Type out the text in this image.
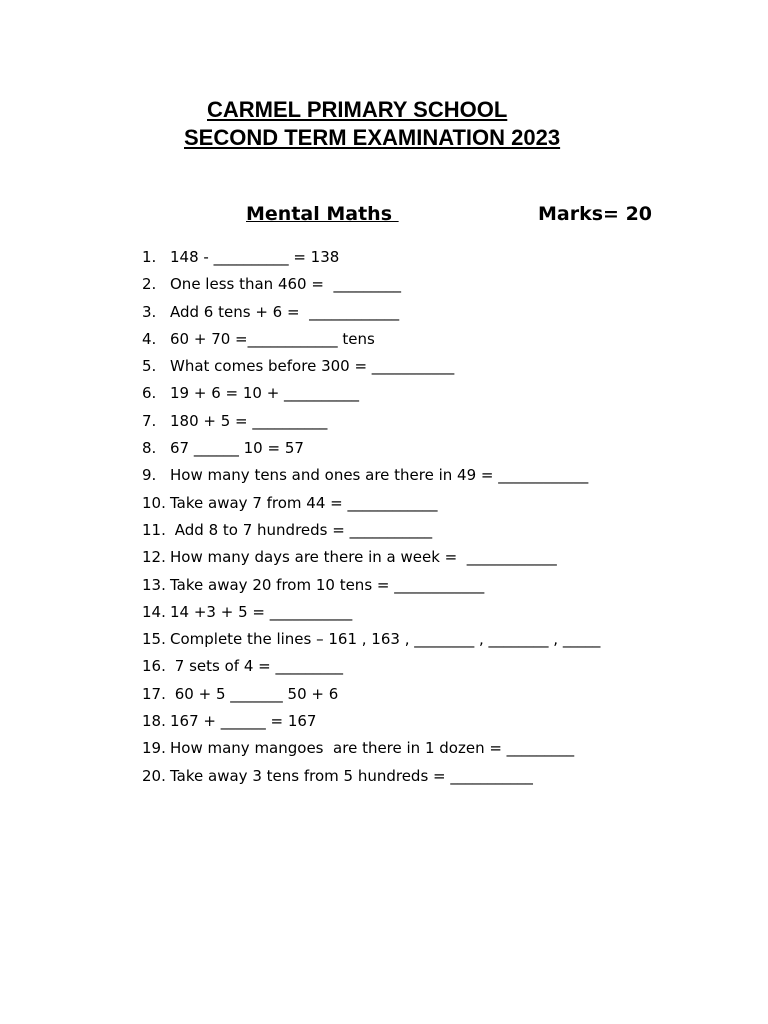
CARMEL PRIMARY SCHOOL
SECOND TERM EXAMINATION 2023
Mental Maths	Marks= 20
1. 148 - __________ = 138
2. One less than 460 =  _________
3. Add 6 tens + 6 =  ____________
4. 60 + 70 =____________ tens
5. What comes before 300 = ___________
6. 19 + 6 = 10 + __________
7. 180 + 5 = __________
8. 67 ______ 10 = 57
9. How many tens and ones are there in 49 = ____________
10. Take away 7 from 44 = ____________
11. Add 8 to 7 hundreds = ___________
12. How many days are there in a week =  ____________
13. Take away 20 from 10 tens = ____________
14. 14 +3 + 5 = ___________
15. Complete the lines – 161 , 163 , ________ , ________ , _____
16. 7 sets of 4 = _________
17. 60 + 5 _______ 50 + 6
18. 167 + ______ = 167
19. How many mangoes  are there in 1 dozen = _________
20. Take away 3 tens from 5 hundreds = ___________
